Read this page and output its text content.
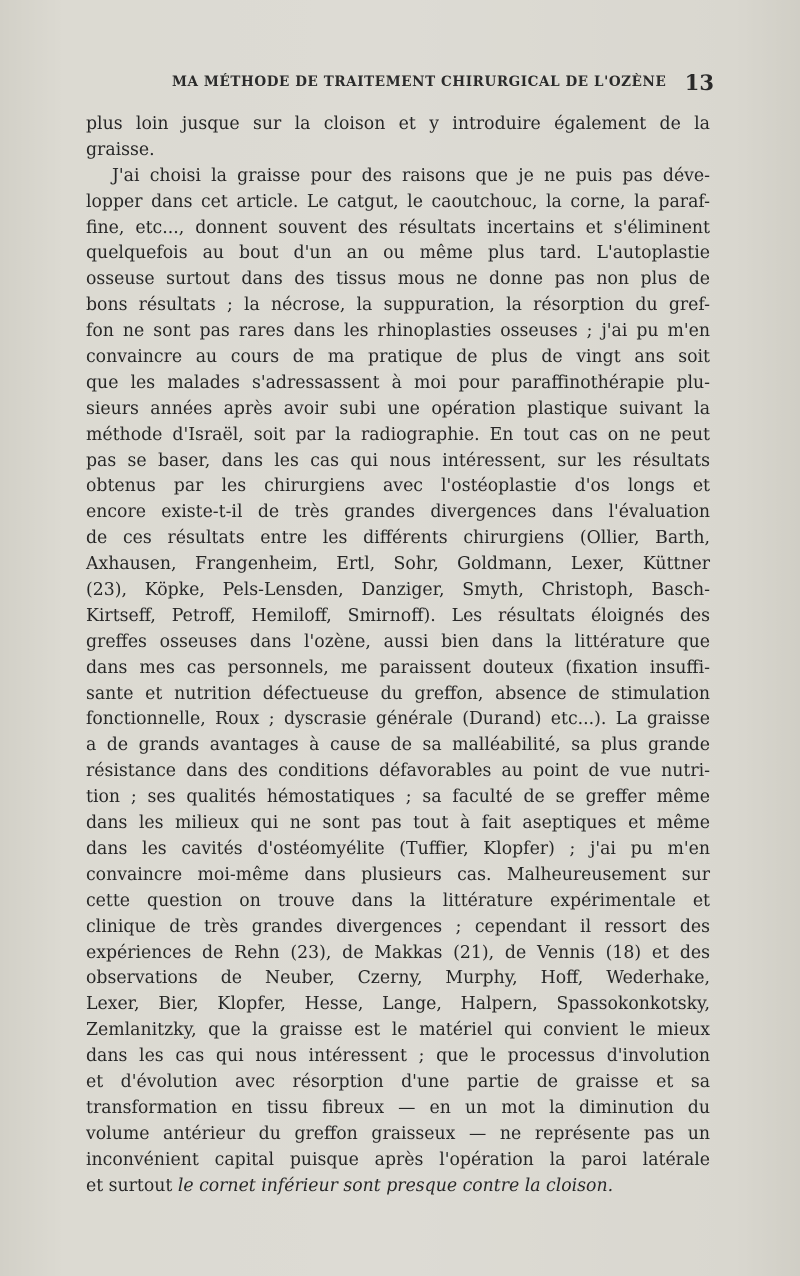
MA MÉTHODE DE TRAITEMENT CHIRURGICAL DE L'OZÈNE 13
plus loin jusque sur la cloison et y introduire également de la
graisse.
J'ai choisi la graisse pour des raisons que je ne puis pas déve-
lopper dans cet article. Le catgut, le caoutchouc, la corne, la paraf-
fine, etc..., donnent souvent des résultats incertains et s'éliminent
quelquefois au bout d'un an ou même plus tard. L'autoplastie
osseuse surtout dans des tissus mous ne donne pas non plus de
bons résultats ; la nécrose, la suppuration, la résorption du gref-
fon ne sont pas rares dans les rhinoplasties osseuses ; j'ai pu m'en
convaincre au cours de ma pratique de plus de vingt ans soit
que les malades s'adressassent à moi pour paraffinothérapie plu-
sieurs années après avoir subi une opération plastique suivant la
méthode d'Israël, soit par la radiographie. En tout cas on ne peut
pas se baser, dans les cas qui nous intéressent, sur les résultats
obtenus par les chirurgiens avec l'ostéoplastie d'os longs et
encore existe-t-il de très grandes divergences dans l'évaluation
de ces résultats entre les différents chirurgiens (Ollier, Barth,
Axhausen, Frangenheim, Ertl, Sohr, Goldmann, Lexer, Küttner
(23), Köpke, Pels-Lensden, Danziger, Smyth, Christoph, Basch-
Kirtseff, Petroff, Hemiloff, Smirnoff). Les résultats éloignés des
greffes osseuses dans l'ozène, aussi bien dans la littérature que
dans mes cas personnels, me paraissent douteux (fixation insuffi-
sante et nutrition défectueuse du greffon, absence de stimulation
fonctionnelle, Roux ; dyscrasie générale (Durand) etc...). La graisse
a de grands avantages à cause de sa malléabilité, sa plus grande
résistance dans des conditions défavorables au point de vue nutri-
tion ; ses qualités hémostatiques ; sa faculté de se greffer même
dans les milieux qui ne sont pas tout à fait aseptiques et même
dans les cavités d'ostéomyélite (Tuffier, Klopfer) ; j'ai pu m'en
convaincre moi-même dans plusieurs cas. Malheureusement sur
cette question on trouve dans la littérature expérimentale et
clinique de très grandes divergences ; cependant il ressort des
expériences de Rehn (23), de Makkas (21), de Vennis (18) et des
observations de Neuber, Czerny, Murphy, Hoff, Wederhake,
Lexer, Bier, Klopfer, Hesse, Lange, Halpern, Spassokonkotsky,
Zemlanitzky, que la graisse est le matériel qui convient le mieux
dans les cas qui nous intéressent ; que le processus d'involution
et d'évolution avec résorption d'une partie de graisse et sa
transformation en tissu fibreux — en un mot la diminution du
volume antérieur du greffon graisseux — ne représente pas un
inconvénient capital puisque après l'opération la paroi latérale
et surtout le cornet inférieur sont presque contre la cloison.
